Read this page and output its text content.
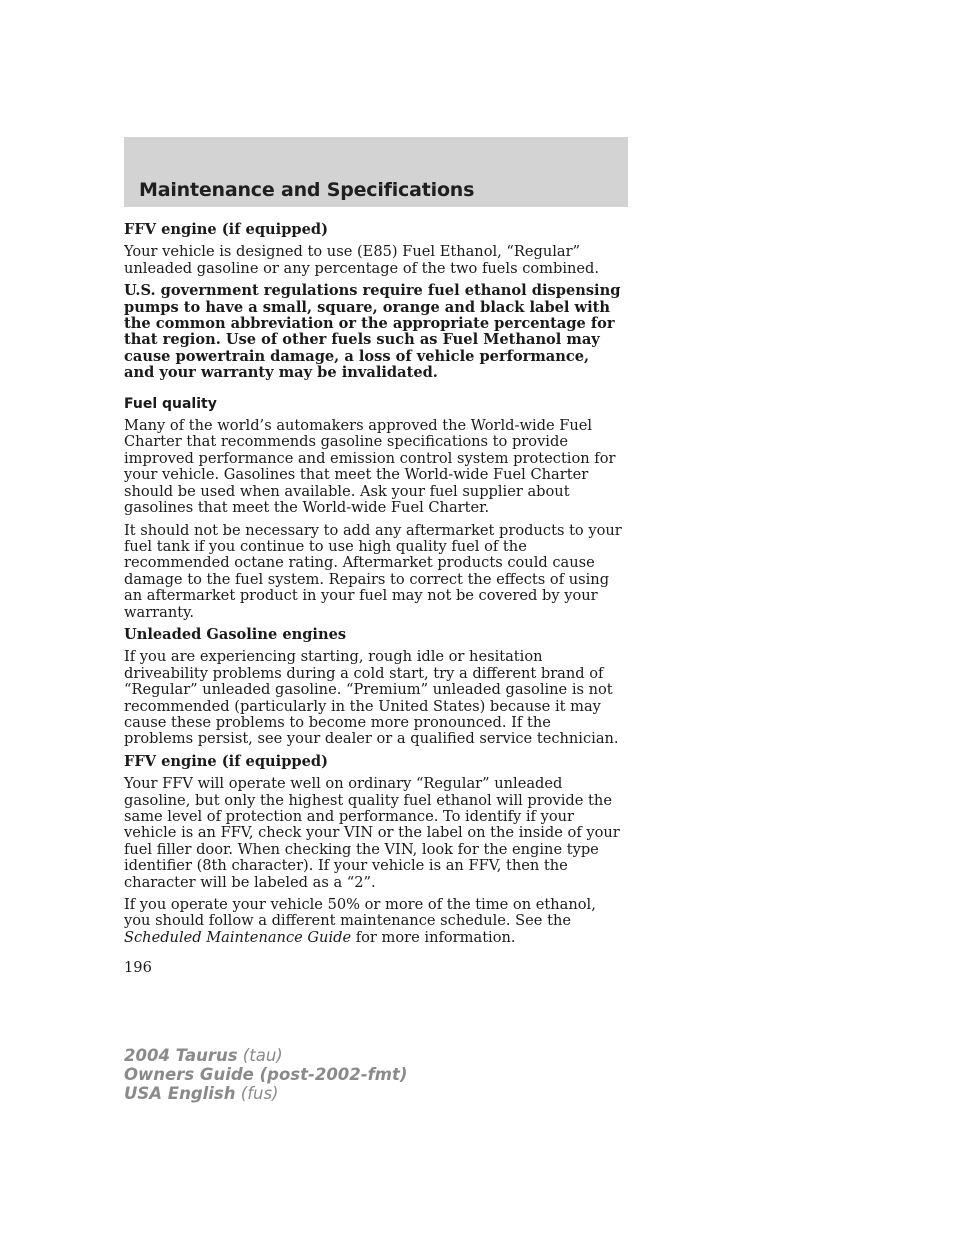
Maintenance and Specifications

FFV engine (if equipped)

Your vehicle is designed to use (E85) Fuel Ethanol, “Regular” unleaded gasoline or any percentage of the two fuels combined.

U.S. government regulations require fuel ethanol dispensing pumps to have a small, square, orange and black label with the common abbreviation or the appropriate percentage for that region. Use of other fuels such as Fuel Methanol may cause powertrain damage, a loss of vehicle performance, and your warranty may be invalidated.

Fuel quality

Many of the world’s automakers approved the World-wide Fuel Charter that recommends gasoline specifications to provide improved performance and emission control system protection for your vehicle. Gasolines that meet the World-wide Fuel Charter should be used when available. Ask your fuel supplier about gasolines that meet the World-wide Fuel Charter.

It should not be necessary to add any aftermarket products to your fuel tank if you continue to use high quality fuel of the recommended octane rating. Aftermarket products could cause damage to the fuel system. Repairs to correct the effects of using an aftermarket product in your fuel may not be covered by your warranty.

Unleaded Gasoline engines

If you are experiencing starting, rough idle or hesitation driveability problems during a cold start, try a different brand of “Regular” unleaded gasoline. “Premium” unleaded gasoline is not recommended (particularly in the United States) because it may cause these problems to become more pronounced. If the problems persist, see your dealer or a qualified service technician.

FFV engine (if equipped)

Your FFV will operate well on ordinary “Regular” unleaded gasoline, but only the highest quality fuel ethanol will provide the same level of protection and performance. To identify if your vehicle is an FFV, check your VIN or the label on the inside of your fuel filler door. When checking the VIN, look for the engine type identifier (8th character). If your vehicle is an FFV, then the character will be labeled as a “2”.

If you operate your vehicle 50% or more of the time on ethanol, you should follow a different maintenance schedule. See the Scheduled Maintenance Guide for more information.

196

2004 Taurus (tau)
Owners Guide (post-2002-fmt)
USA English (fus)
